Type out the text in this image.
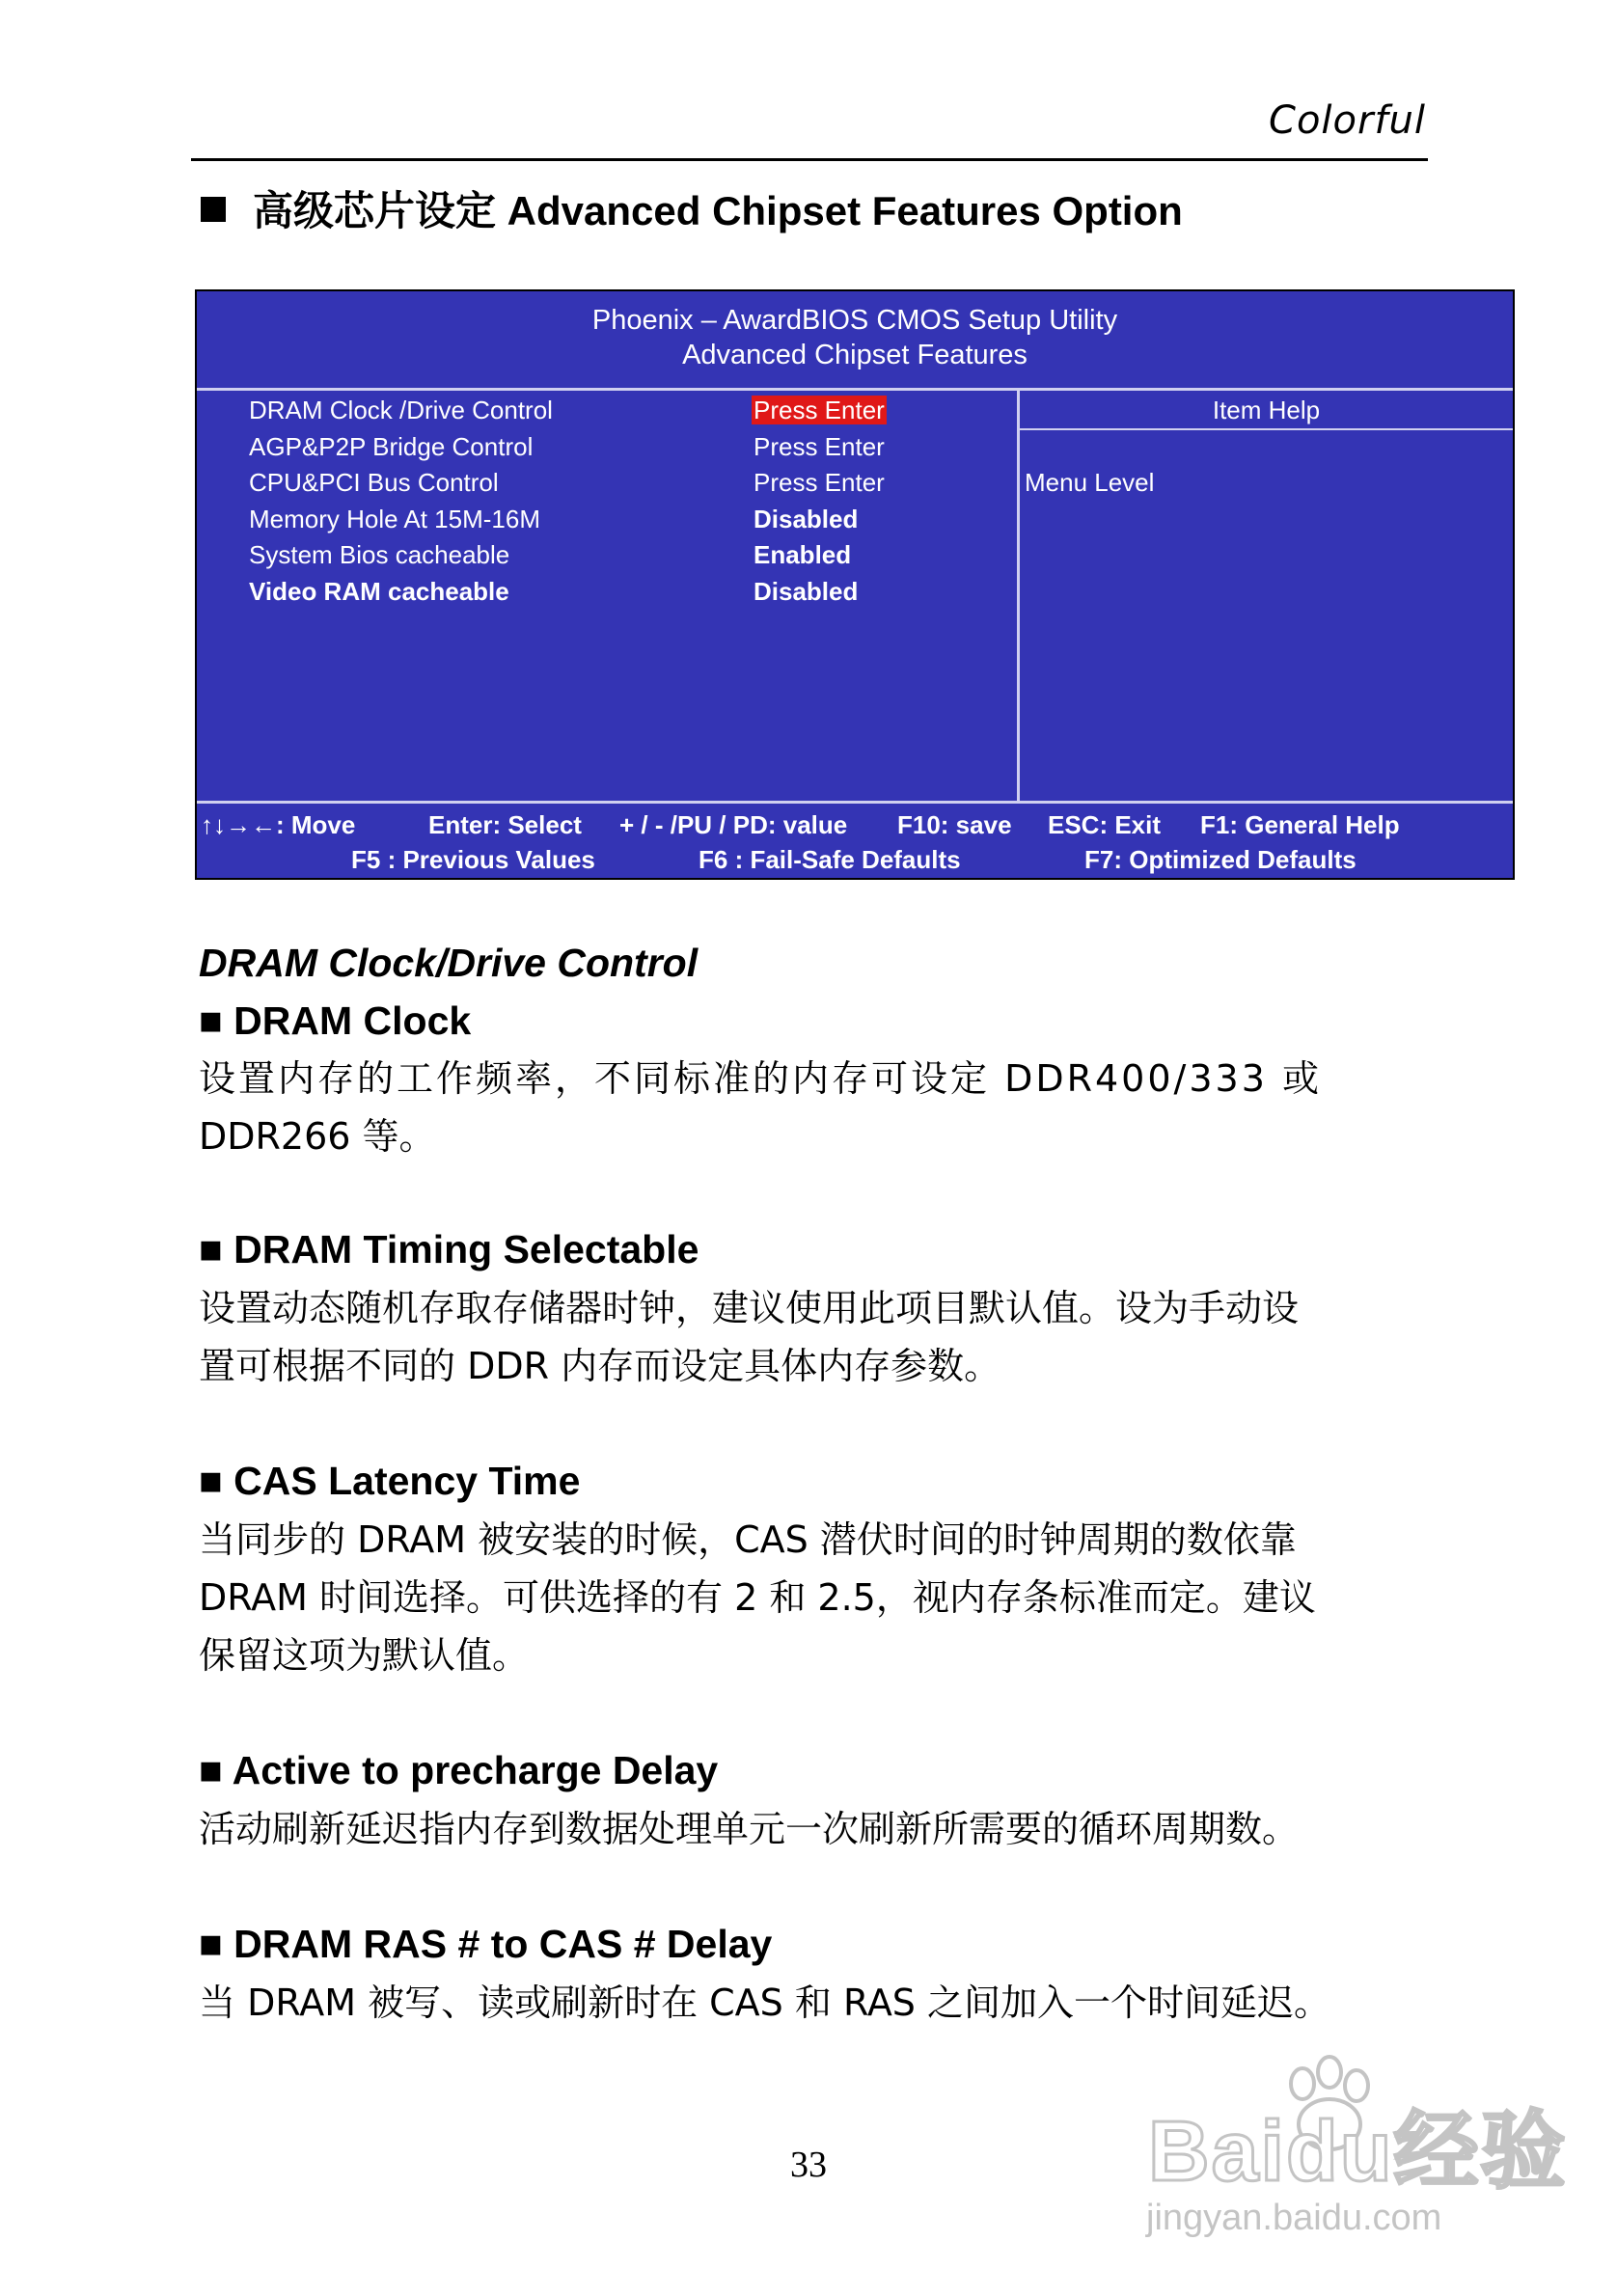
Colorful
高级芯片设定 Advanced Chipset Features Option
Phoenix – AwardBIOS CMOS Setup Utility
Advanced Chipset Features
DRAM Clock /Drive Control	Press Enter
AGP&P2P Bridge Control	Press Enter
CPU&PCI Bus Control	Press Enter
Memory Hole At 15M-16M	Disabled
System Bios cacheable	Enabled
Video RAM cacheable	Disabled
Item Help
Menu Level
↑↓→←: Move	Enter: Select + / - /PU / PD: value F10: save ESC: Exit F1: General Help
F5 : Previous Values	F6 : Fail-Safe Defaults	F7: Optimized Defaults
DRAM Clock/Drive Control
■ DRAM Clock
设置内存的工作频率，不同标准的内存可设定 DDR400/333 或
DDR266 等。
■ DRAM Timing Selectable
设置动态随机存取存储器时钟，建议使用此项目默认值。设为手动设
置可根据不同的 DDR 内存而设定具体内存参数。
■ CAS Latency Time
当同步的 DRAM 被安装的时候，CAS 潜伏时间的时钟周期的数依靠
DRAM 时间选择。可供选择的有 2 和 2.5，视内存条标准而定。建议
保留这项为默认值。
■ Active to precharge Delay
活动刷新延迟指内存到数据处理单元一次刷新所需要的循环周期数。
■ DRAM RAS # to CAS # Delay
当 DRAM 被写、读或刷新时在 CAS 和 RAS 之间加入一个时间延迟。
33	Baidu经验
jingyan.baidu.com
